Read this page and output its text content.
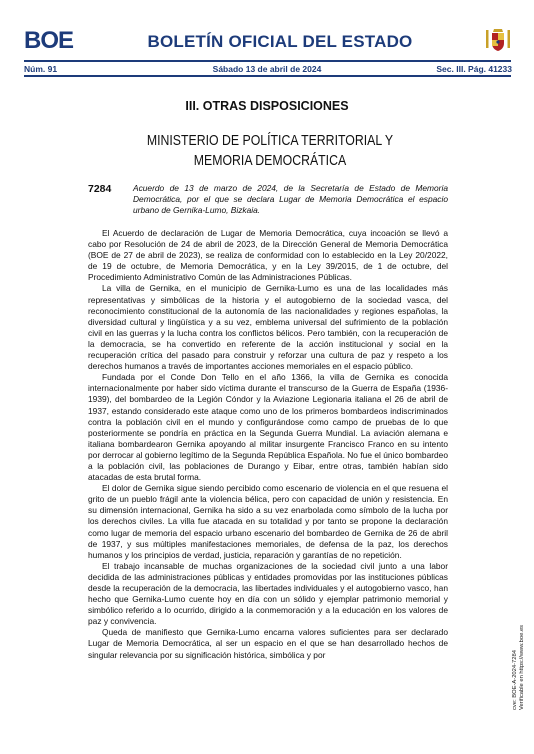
BOE	BOLETÍN OFICIAL DEL ESTADO
Núm. 91	Sábado 13 de abril de 2024	Sec. III. Pág. 41233
III. OTRAS DISPOSICIONES
MINISTERIO DE POLÍTICA TERRITORIAL Y MEMORIA DEMOCRÁTICA
7284	Acuerdo de 13 de marzo de 2024, de la Secretaría de Estado de Memoria Democrática, por el que se declara Lugar de Memoria Democrática el espacio urbano de Gernika-Lumo, Bizkaia.

El Acuerdo de declaración de Lugar de Memoria Democrática, cuya incoación se llevó a cabo por Resolución de 24 de abril de 2023, de la Dirección General de Memoria Democrática (BOE de 27 de abril de 2023), se realiza de conformidad con lo establecido en la Ley 20/2022, de 19 de octubre, de Memoria Democrática, y en la Ley 39/2015, de 1 de octubre, del Procedimiento Administrativo Común de las Administraciones Públicas.

La villa de Gernika, en el municipio de Gernika-Lumo es una de las localidades más representativas y simbólicas de la historia y el autogobierno de la sociedad vasca, del reconocimiento constitucional de la autonomía de las nacionalidades y regiones españolas, la diversidad cultural y lingüística y a su vez, emblema universal del sufrimiento de la población civil en las guerras y la lucha contra los conflictos bélicos. Pero también, con la recuperación de la democracia, se ha convertido en referente de la acción institucional y social en la recuperación crítica del pasado para construir y reforzar una cultura de paz y respeto a los derechos humanos a través de importantes acciones memoriales en el espacio público.

Fundada por el Conde Don Tello en el año 1366, la villa de Gernika es conocida internacionalmente por haber sido víctima durante el transcurso de la Guerra de España (1936-1939), del bombardeo de la Legión Cóndor y la Aviazione Legionaria italiana el 26 de abril de 1937, estando considerado este ataque como uno de los primeros bombardeos indiscriminados contra la población civil en el mundo y configurándose como campo de pruebas de lo que posteriormente se pondría en práctica en la Segunda Guerra Mundial. La aviación alemana e italiana bombardearon Gernika apoyando al militar insurgente Francisco Franco en su intento por derrocar al gobierno legítimo de la Segunda República Española. No fue el único bombardeo a la población civil, las poblaciones de Durango y Eibar, entre otras, también habían sido atacadas de esta brutal forma.

El dolor de Gernika sigue siendo percibido como escenario de violencia en el que resuena el grito de un pueblo frágil ante la violencia bélica, pero con capacidad de unión y resistencia. En su dimensión internacional, Gernika ha sido a su vez enarbolada como símbolo de la lucha por los derechos civiles. La villa fue atacada en su totalidad y por tanto se propone la declaración como lugar de memoria del espacio urbano escenario del bombardeo de Gernika de 26 de abril de 1937, y sus múltiples manifestaciones memoriales, de defensa de la paz, los derechos humanos y los principios de verdad, justicia, reparación y garantías de no repetición.

El trabajo incansable de muchas organizaciones de la sociedad civil junto a una labor decidida de las administraciones públicas y entidades promovidas por las instituciones públicas desde la recuperación de la democracia, las libertades individuales y el autogobierno vasco, han hecho que Gernika-Lumo cuente hoy en día con un sólido y ejemplar patrimonio memorial y simbólico referido a lo ocurrido, dirigido a la conmemoración y a la educación en los valores de paz y convivencia.

Queda de manifiesto que Gernika-Lumo encarna valores suficientes para ser declarado Lugar de Memoria Democrática, al ser un espacio en el que se han desarrollado hechos de singular relevancia por su significación histórica, simbólica y por	cve: BOE-A-2024-7284 Verificable en https://www.boe.es
